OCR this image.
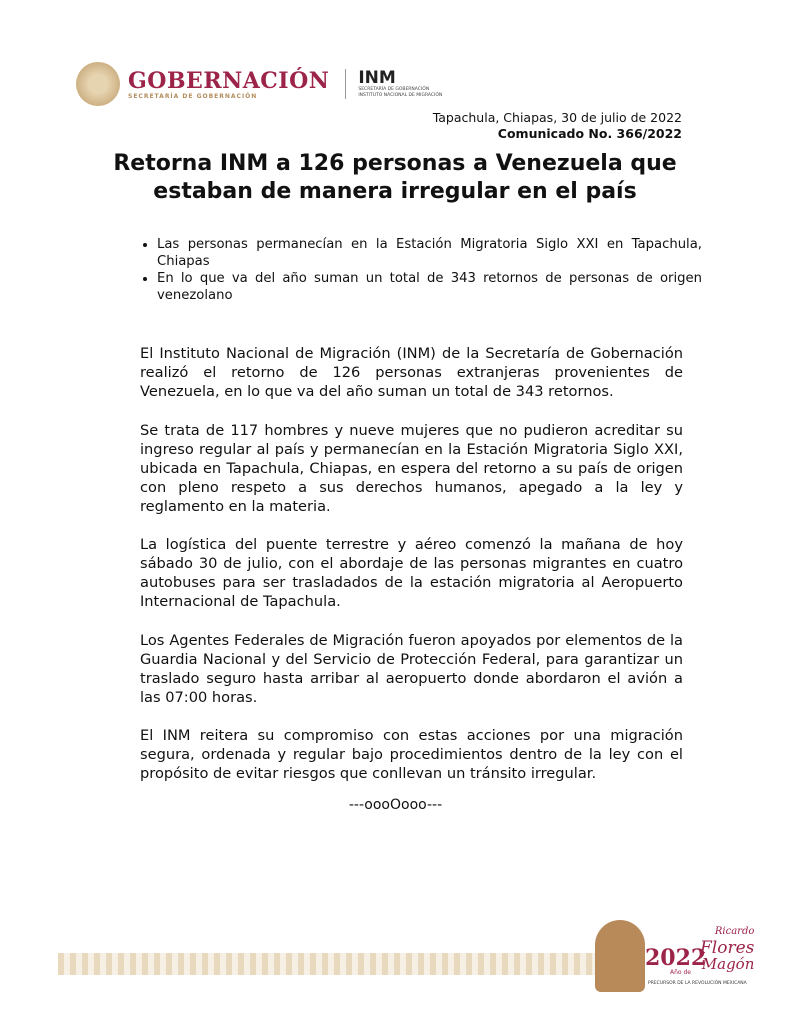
GOBERNACIÓN
SECRETARÍA DE GOBERNACIÓN
INM
SECRETARÍA DE GOBERNACIÓN
INSTITUTO NACIONAL DE MIGRACIÓN
Tapachula, Chiapas, 30 de julio de 2022
Comunicado No. 366/2022
Retorna INM a 126 personas a Venezuela que estaban de manera irregular en el país
• Las personas permanecían en la Estación Migratoria Siglo XXI en Tapachula, Chiapas
• En lo que va del año suman un total de 343 retornos de personas de origen venezolano

El Instituto Nacional de Migración (INM) de la Secretaría de Gobernación realizó el retorno de 126 personas extranjeras provenientes de Venezuela, en lo que va del año suman un total de 343 retornos.

Se trata de 117 hombres y nueve mujeres que no pudieron acreditar su ingreso regular al país y permanecían en la Estación Migratoria Siglo XXI, ubicada en Tapachula, Chiapas, en espera del retorno a su país de origen con pleno respeto a sus derechos humanos, apegado a la ley y reglamento en la materia.

La logística del puente terrestre y aéreo comenzó la mañana de hoy sábado 30 de julio, con el abordaje de las personas migrantes en cuatro autobuses para ser trasladados de la estación migratoria al Aeropuerto Internacional de Tapachula.

Los Agentes Federales de Migración fueron apoyados por elementos de la Guardia Nacional y del Servicio de Protección Federal, para garantizar un traslado seguro hasta arribar al aeropuerto donde abordaron el avión a las 07:00 horas.

El INM reitera su compromiso con estas acciones por una migración segura, ordenada y regular bajo procedimientos dentro de la ley con el propósito de evitar riesgos que conllevan un tránsito irregular.

---oooOooo---
2022
Ricardo
Flores
Magón
Año de
PRECURSOR DE LA REVOLUCIÓN MEXICANA
